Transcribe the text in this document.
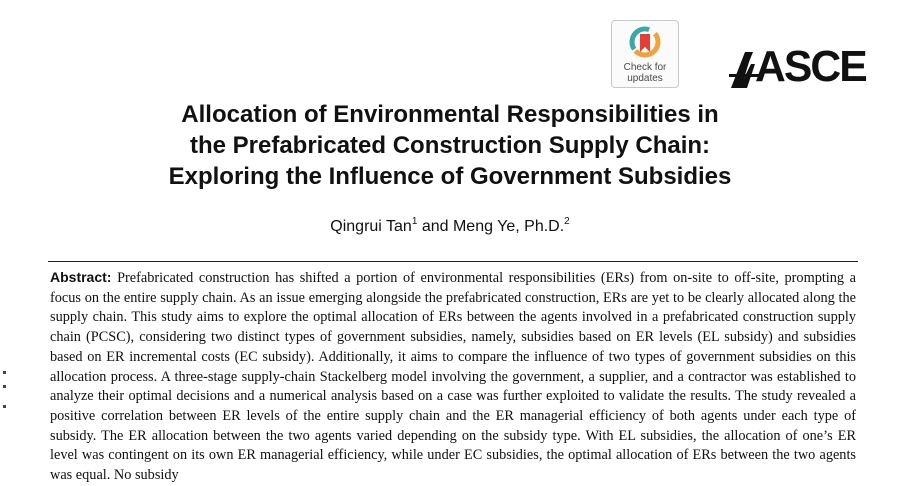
Check for
updates	ASCE
Allocation of Environmental Responsibilities in
the Prefabricated Construction Supply Chain:
Exploring the Influence of Government Subsidies
Qingrui Tan$^1$ and Meng Ye, Ph.D.$^2$

Abstract: Prefabricated construction has shifted a portion of environmental responsibilities (ERs) from on-site to off-site, prompting a focus on the entire supply chain. As an issue emerging alongside the prefabricated construction, ERs are yet to be clearly allocated along the supply chain. This study aims to explore the optimal allocation of ERs between the agents involved in a prefabricated construction supply chain (PCSC), considering two distinct types of government subsidies, namely, subsidies based on ER levels (EL subsidy) and subsidies based on ER incremental costs (EC subsidy). Additionally, it aims to compare the influence of two types of government subsidies on this allocation process. A three-stage supply-chain Stackelberg model involving the government, a supplier, and a contractor was established to analyze their optimal decisions and a numerical analysis based on a case was further exploited to validate the results. The study revealed a positive correlation between ER levels of the entire supply chain and the ER managerial efficiency of both agents under each type of subsidy. The ER allocation between the two agents varied depending on the subsidy type. With EL subsidies, the allocation of one’s ER level was contingent on its own ER managerial efficiency, while under EC subsidies, the optimal allocation of ERs between the two agents was equal. No subsidy
